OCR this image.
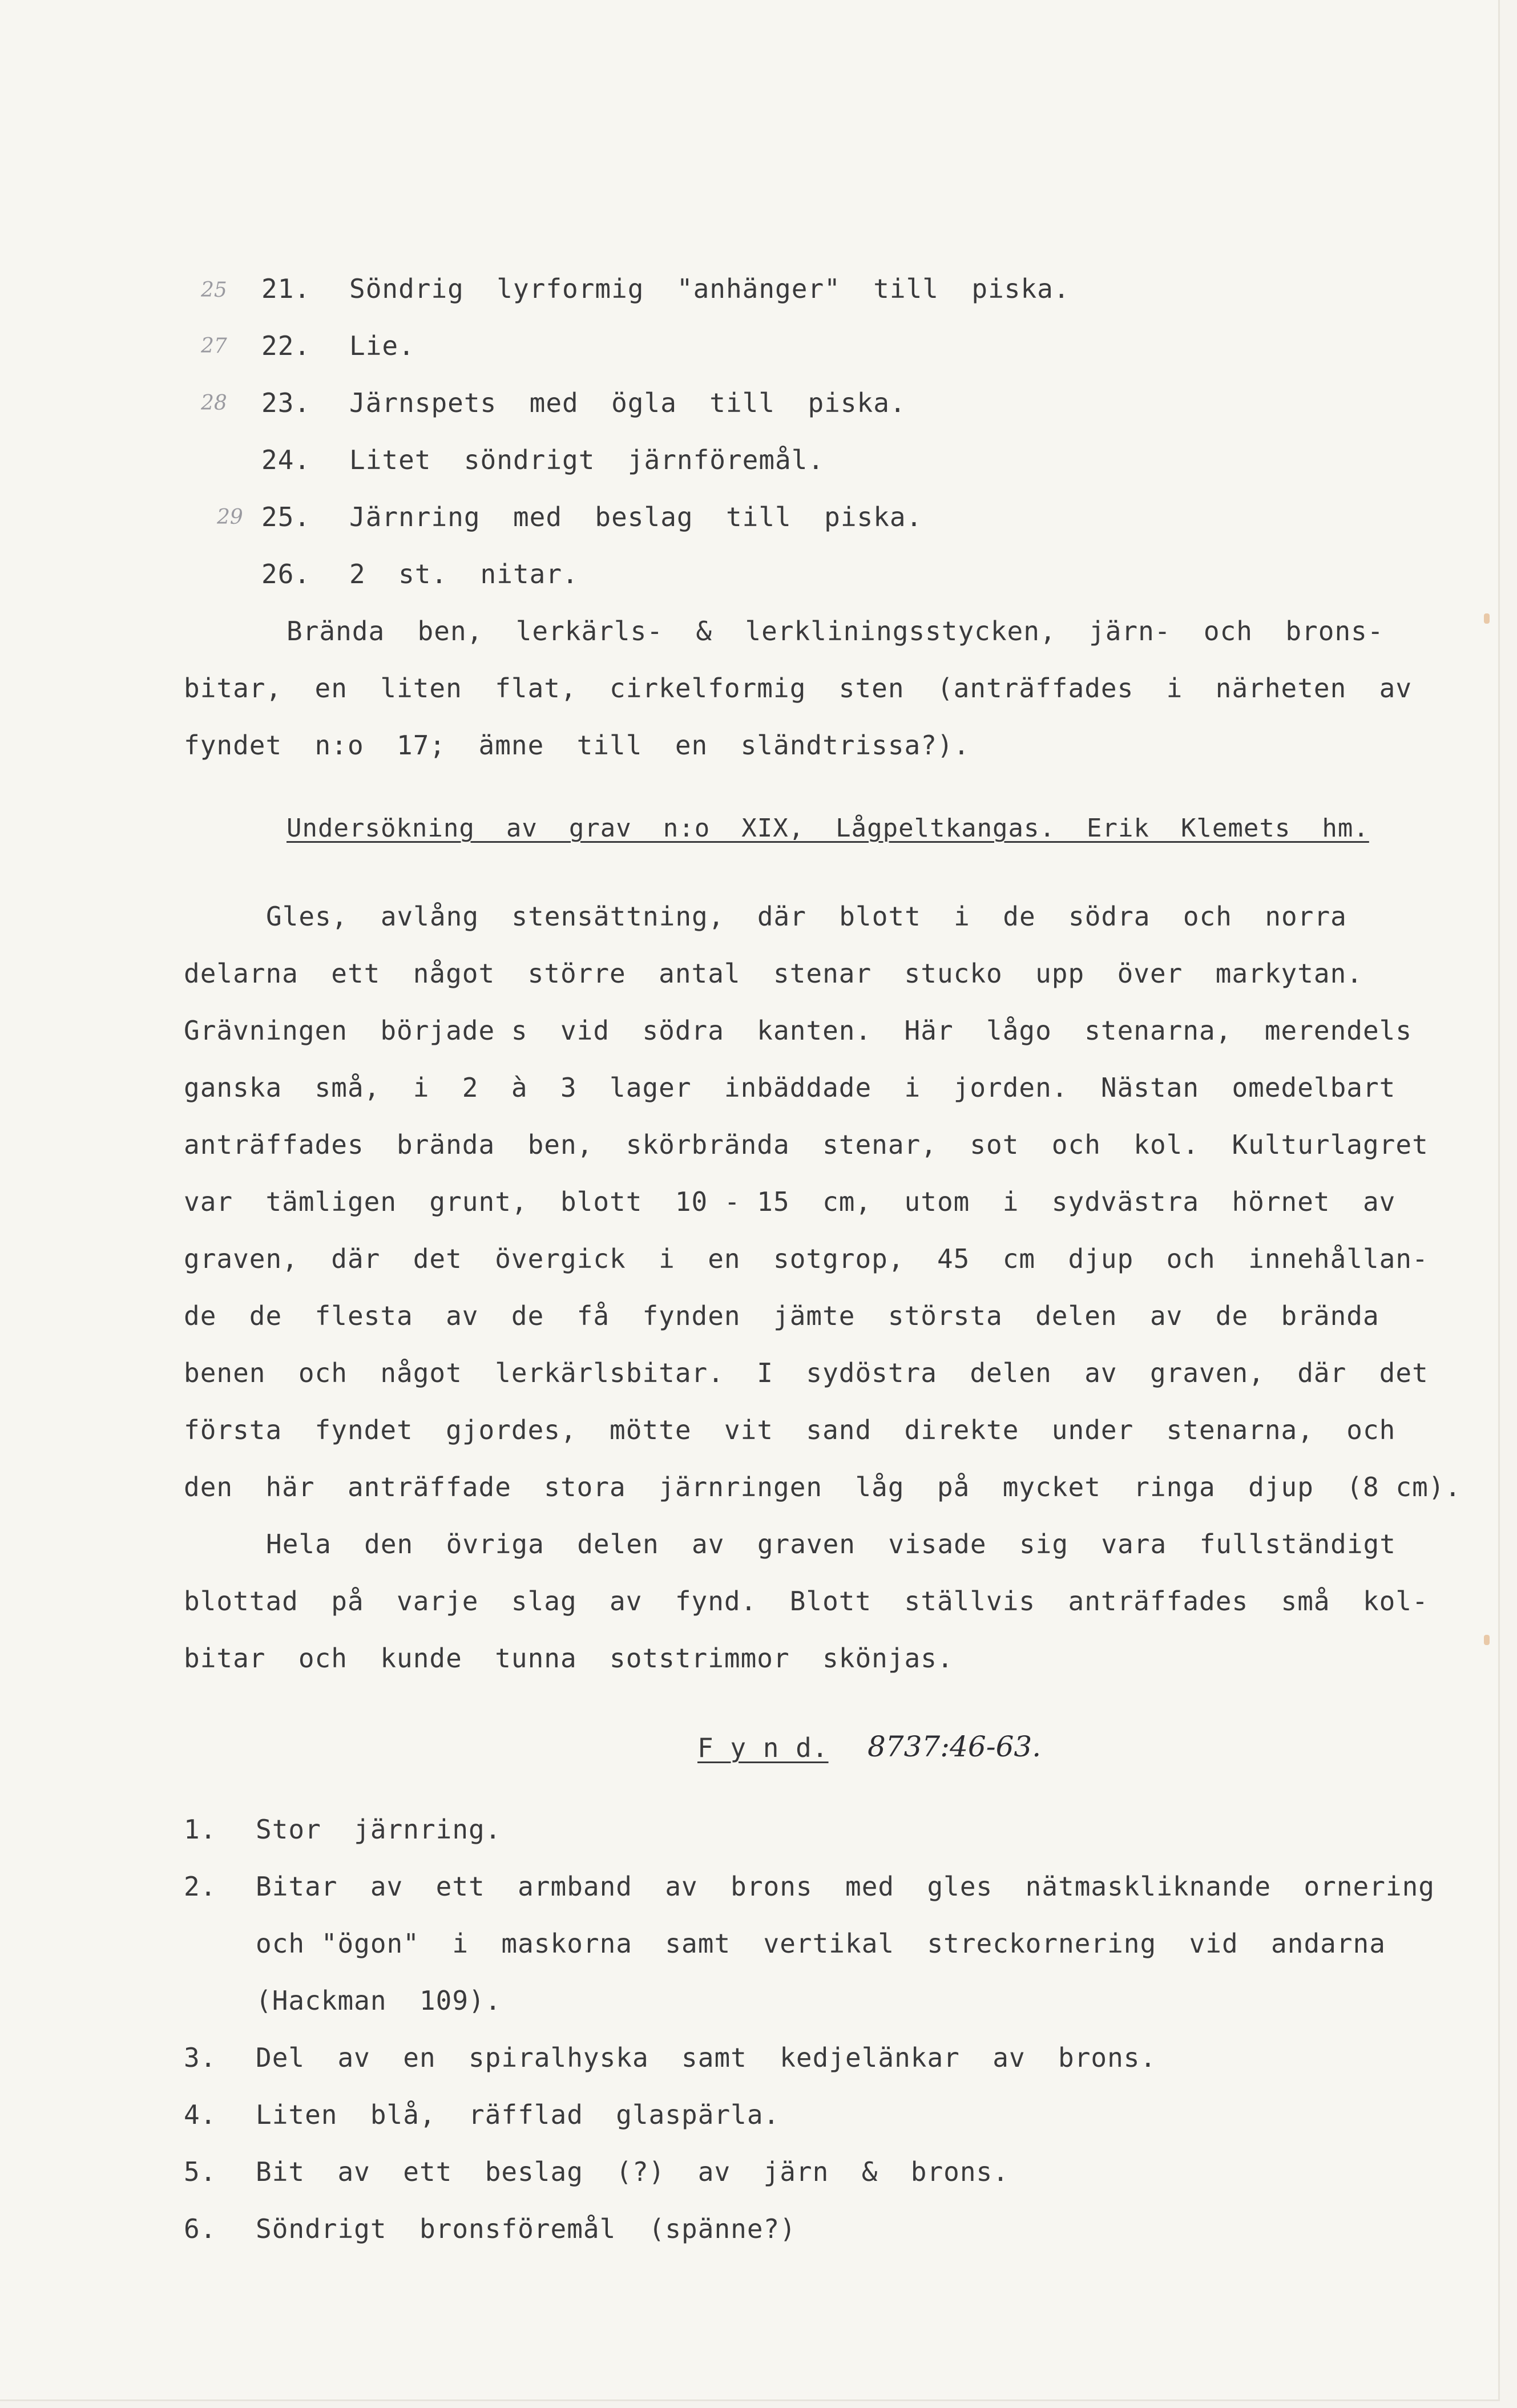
25 21. Söndrig  lyrformig  "anhänger"  till  piska.
27 22. Lie.
28 23. Järnspets  med  ögla  till  piska.
24. Litet  söndrigt  järnföremål.
29 25. Järnring  med  beslag  till  piska.
26. 2  st.  nitar.
Brända  ben,  lerkärls-  &  lerkliningsstycken,  järn-  och  brons-
bitar,  en  liten  flat,  cirkelformig  sten  (anträffades  i  närheten  av
fyndet  n:o  17;  ämne  till  en  sländtrissa?).
Undersökning  av  grav  n:o  XIX,  Lågpeltkangas.  Erik  Klemets  hm.
Gles,  avlång  stensättning,  där  blott  i  de  södra  och  norra
delarna  ett  något  större  antal  stenar  stucko  upp  över  markytan.
Grävningen  började s  vid  södra  kanten.  Här  lågo  stenarna,  merendels
ganska  små,  i  2  à  3  lager  inbäddade  i  jorden.  Nästan  omedelbart
anträffades  brända  ben,  skörbrända  stenar,  sot  och  kol.  Kulturlagret
var  tämligen  grunt,  blott  10 - 15  cm,  utom  i  sydvästra  hörnet  av
graven,  där  det  övergick  i  en  sotgrop,  45  cm  djup  och  innehållan-
de  de  flesta  av  de  få  fynden  jämte  största  delen  av  de  brända
benen  och  något  lerkärlsbitar.  I  sydöstra  delen  av  graven,  där  det
första  fyndet  gjordes,  mötte  vit  sand  direkte  under  stenarna,  och
den  här  anträffade  stora  järnringen  låg  på  mycket  ringa  djup  (8 cm).
Hela  den  övriga  delen  av  graven  visade  sig  vara  fullständigt
blottad  på  varje  slag  av  fynd.  Blott  ställvis  anträffades  små  kol-
bitar  och  kunde  tunna  sotstrimmor  skönjas.
F y n d. 8737:46-63.
1. Stor  järnring.
2. Bitar  av  ett  armband  av  brons  med  gles  nätmaskliknande  ornering
och "ögon"  i  maskorna  samt  vertikal  streckornering  vid  andarna
(Hackman  109).
3. Del  av  en  spiralhyska  samt  kedjelänkar  av  brons.
4. Liten  blå,  räfflad  glaspärla.
5. Bit  av  ett  beslag  (?)  av  järn  &  brons.
6. Söndrigt  bronsföremål  (spänne?)
